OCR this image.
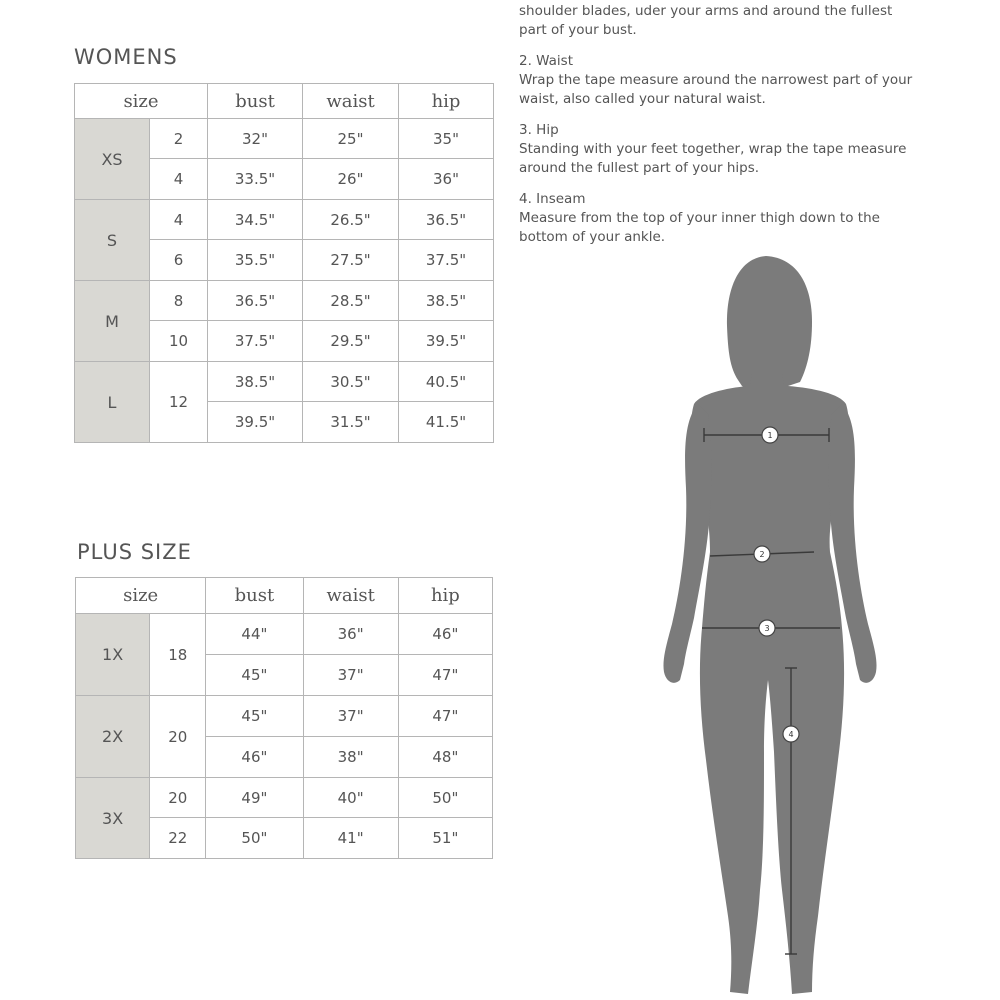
WOMENS
size		bust	waist	hip
XS	2	32"	25"	35"
	4	33.5"	26"	36"
S	4	34.5"	26.5"	36.5"
	6	35.5"	27.5"	37.5"
M	8	36.5"	28.5"	38.5"
	10	37.5"	29.5"	39.5"
L	12	38.5"	30.5"	40.5"
		39.5"	31.5"	41.5"
PLUS SIZE
size		bust	waist	hip
1X	18	44"	36"	46"
		45"	37"	47"
2X	20	45"	37"	47"
		46"	38"	48"
3X	20	49"	40"	50"
	22	50"	41"	51"

shoulder blades, uder your arms and around the fullest part of your bust.

2. Waist

Wrap the tape measure around the narrowest part of your waist, also called your natural waist.

3. Hip

Standing with your feet together, wrap the tape measure around the fullest part of your hips.

4. Inseam

Measure from the top of your inner thigh down to the bottom of your ankle.

1
2
3
4
